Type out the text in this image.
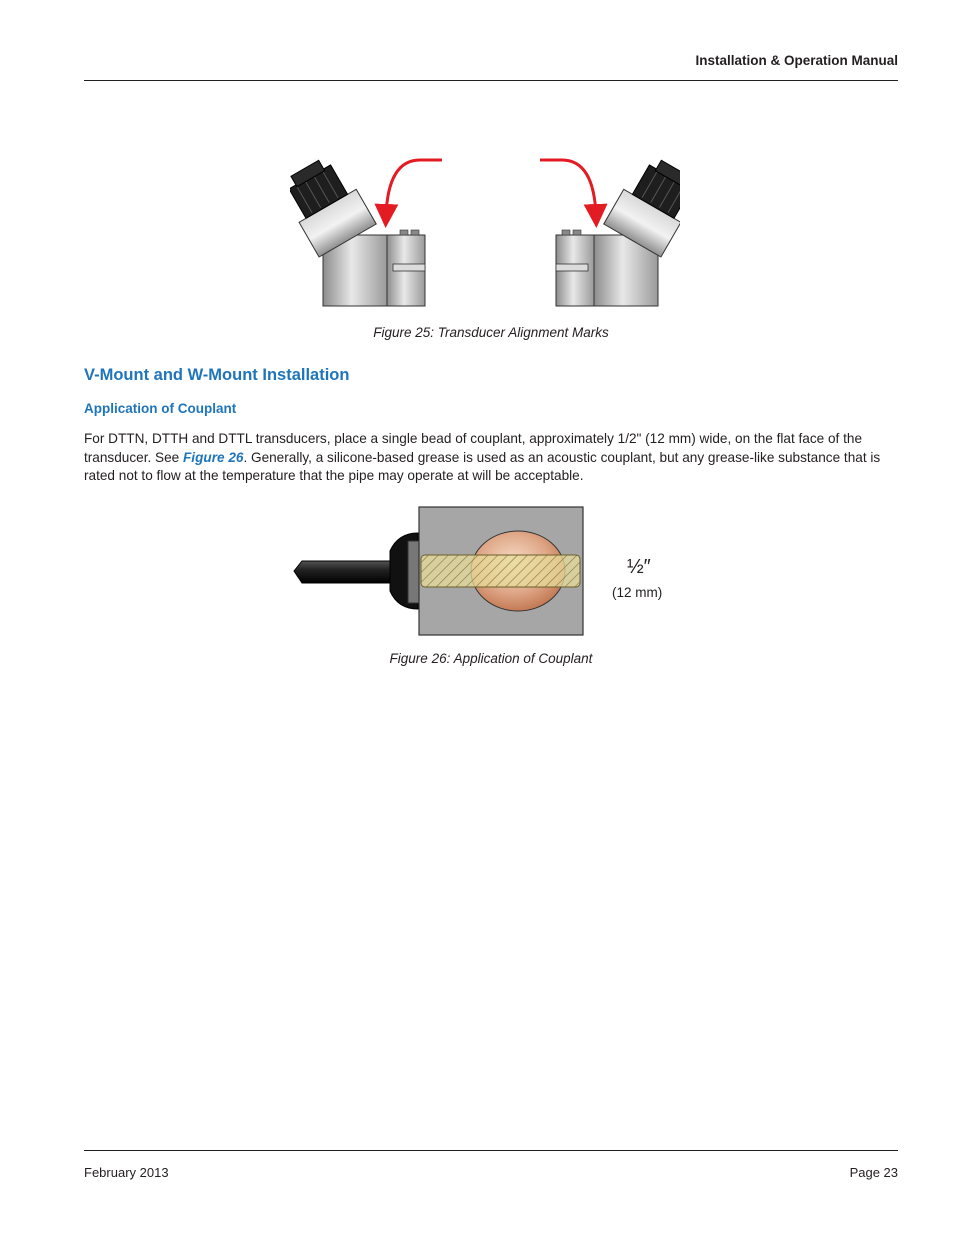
Installation & Operation Manual
Figure 25: Transducer Alignment Marks
V-Mount and W-Mount Installation
Application of Couplant
For DTTN, DTTH and DTTL transducers, place a single bead of couplant, approximately 1/2" (12 mm) wide, on the flat face of the transducer. See Figure 26. Generally, a silicone-based grease is used as an acoustic couplant, but any grease-like substance that is rated not to flow at the temperature that the pipe may operate at will be acceptable.
½″
(12 mm)
Figure 26: Application of Couplant
February 2013	Page 23
